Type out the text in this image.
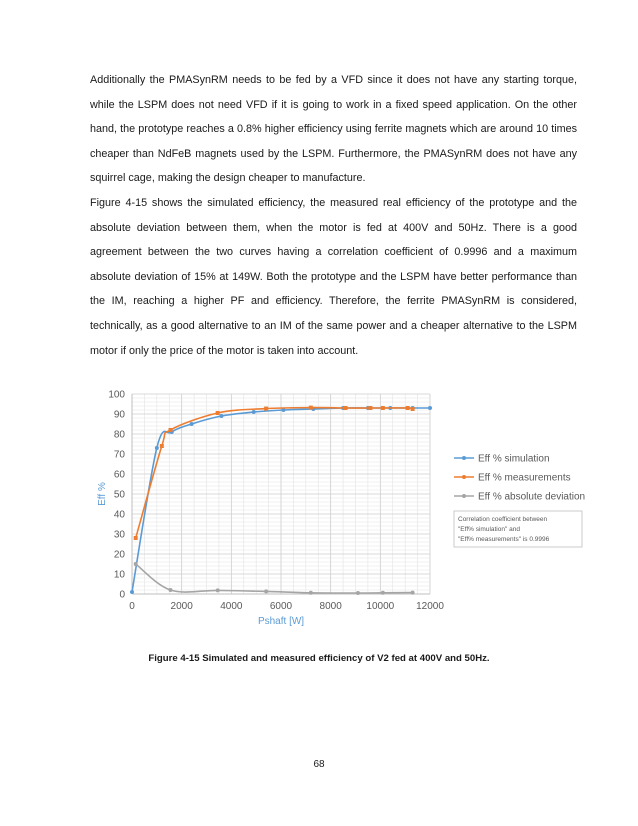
Additionally the PMASynRM needs to be fed by a VFD since it does not have any starting torque, while the LSPM does not need VFD if it is going to work in a fixed speed application. On the other hand, the prototype reaches a 0.8% higher efficiency using ferrite magnets which are around 10 times cheaper than NdFeB magnets used by the LSPM. Furthermore, the PMASynRM does not have any squirrel cage, making the design cheaper to manufacture.

Figure 4-15 shows the simulated efficiency, the measured real efficiency of the prototype and the absolute deviation between them, when the motor is fed at 400V and 50Hz. There is a good agreement between the two curves having a correlation coefficient of 0.9996 and a maximum absolute deviation of 15% at 149W. Both the prototype and the LSPM have better performance than the IM, reaching a higher PF and efficiency. Therefore, the ferrite PMASynRM is considered, technically, as a good alternative to an IM of the same power and a cheaper alternative to the LSPM motor if only the price of the motor is taken into account.

0
10
20
30
40
50
60
70
80
90
100
0	2000	4000	6000	8000 10000 12000
Pshaft [W]
Eff %
Eff % simulation
Eff % measurements
Eff % absolute deviation
Correlation coefficient between
"Eff% simulation" and
"Eff% measurements" is 0.9996
Figure 4-15 Simulated and measured efficiency of V2 fed at 400V and 50Hz.
68
